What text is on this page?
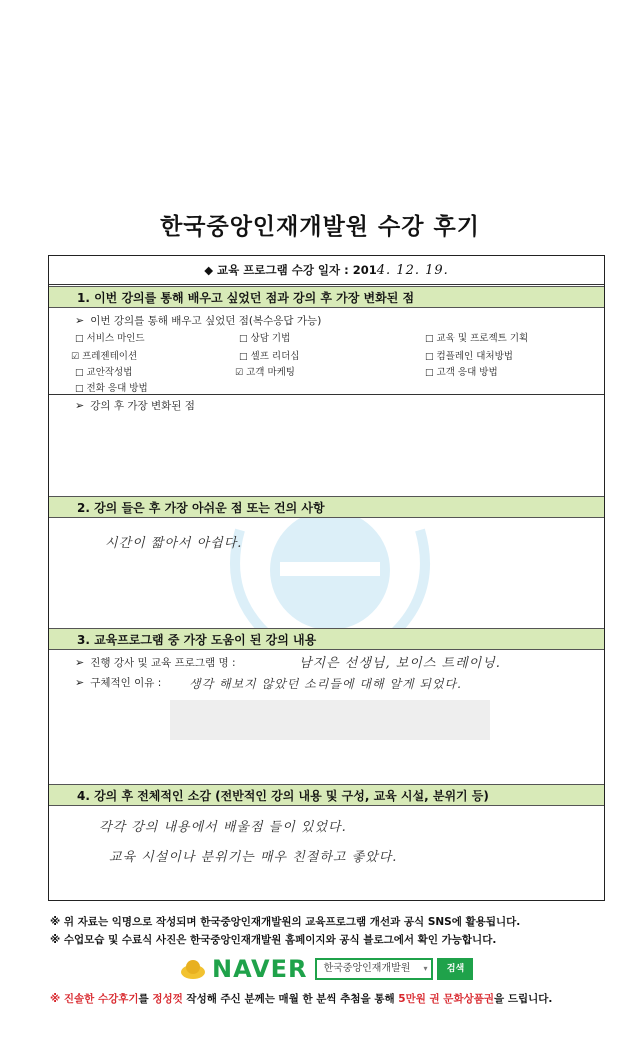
한국중앙인재개발원 수강 후기
◆ 교육 프로그램 수강 일자 : 2014. 12. 19.
1. 이번 강의를 통해 배우고 싶었던 점과 강의 후 가장 변화된 점
➢ 이번 강의를 통해 배우고 싶었던 점(복수응답 가능)
□ 서비스 마인드	□ 상담 기법	□ 교육 및 프로젝트 기획
☑ 프레젠테이션	□ 셀프 리더십	□ 컴플레인 대처방법
□ 교안작성법	☑ 고객 마케팅	□ 고객 응대 방법
□ 전화 응대 방법
➢ 강의 후 가장 변화된 점
2. 강의 들은 후 가장 아쉬운 점 또는 건의 사항
시간이 짧아서 아쉽다.
3. 교육프로그램 중 가장 도움이 된 강의 내용
➢ 진행 강사 및 교육 프로그램 명 :	남지은 선생님, 보이스 트레이닝.
➢ 구체적인 이유 : 생각 해보지 않았던 소리들에 대해 알게 되었다.
4. 강의 후 전체적인 소감 (전반적인 강의 내용 및 구성, 교육 시설, 분위기 등)
각각 강의 내용에서 배울점 들이 있었다.
교육 시설이나 분위기는 매우 친절하고 좋았다.
※ 위 자료는 익명으로 작성되며 한국중앙인재개발원의 교육프로그램 개선과 공식 SNS에 활용됩니다.
※ 수업모습 및 수료식 사진은 한국중앙인재개발원 홈페이지와 공식 블로그에서 확인 가능합니다.
NAVER	한국중앙인재개발원 ▾	검색
※ 진솔한 수강후기를 정성껏 작성해 주신 분께는 매월 한 분씩 추첨을 통해 5만원 권 문화상품권을 드립니다.
